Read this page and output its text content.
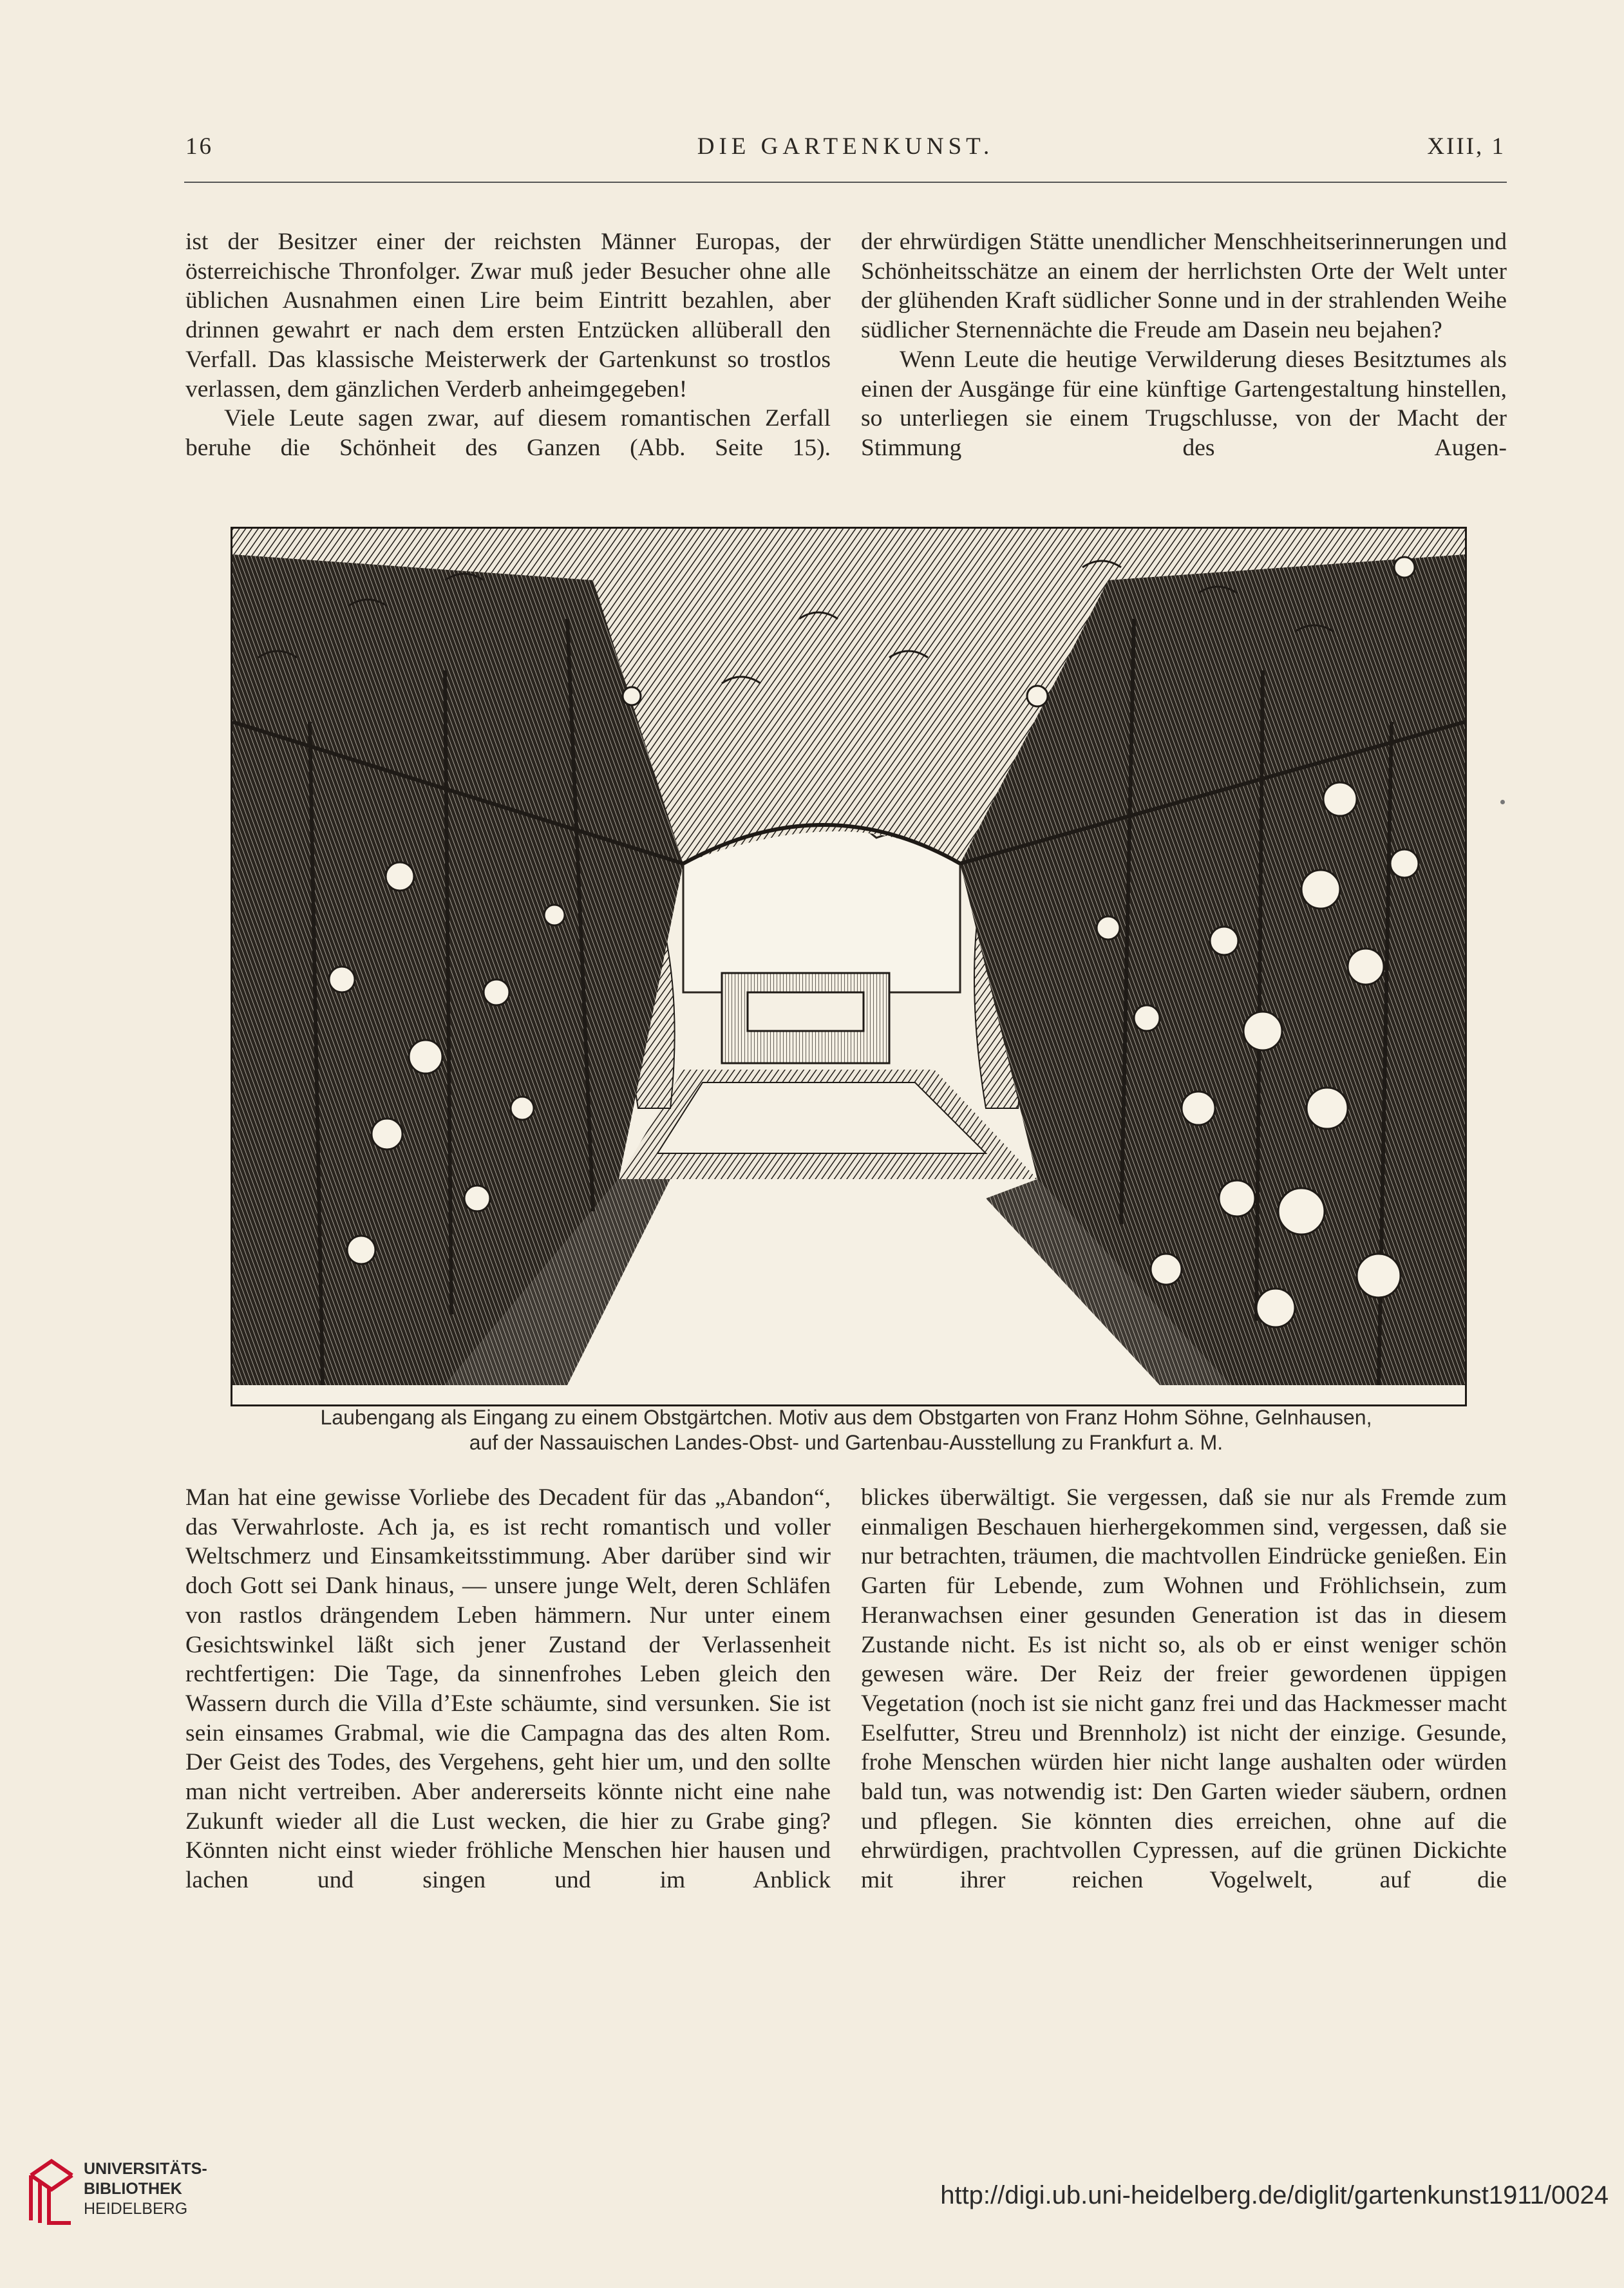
16	DIE GARTENKUNST.	XIII, 1

ist der Besitzer einer der reichsten Männer Europas, der österreichische Thronfolger. Zwar muß jeder Besucher ohne alle üblichen Ausnahmen einen Lire beim Eintritt bezahlen, aber drinnen gewahrt er nach dem ersten Entzücken allüberall den Verfall. Das klassische Meisterwerk der Gartenkunst so trostlos verlassen, dem gänzlichen Verderb anheimgegeben!

Viele Leute sagen zwar, auf diesem romantischen Zerfall beruhe die Schönheit des Ganzen (Abb. Seite 15).

der ehrwürdigen Stätte unendlicher Menschheitserinnerungen und Schönheitsschätze an einem der herrlichsten Orte der Welt unter der glühenden Kraft südlicher Sonne und in der strahlenden Weihe südlicher Sternennächte die Freude am Dasein neu bejahen?

Wenn Leute die heutige Verwilderung dieses Besitztumes als einen der Ausgänge für eine künftige Gartengestaltung hinstellen, so unterliegen sie einem Trugschlusse, von der Macht der Stimmung des Augen-

Laubengang als Eingang zu einem Obstgärtchen. Motiv aus dem Obstgarten von Franz Hohm Söhne, Gelnhausen,
auf der Nassauischen Landes-Obst- und Gartenbau-Ausstellung zu Frankfurt a. M.

Man hat eine gewisse Vorliebe des Decadent für das „Abandon“, das Verwahrloste. Ach ja, es ist recht romantisch und voller Weltschmerz und Einsamkeitsstimmung. Aber darüber sind wir doch Gott sei Dank hinaus, — unsere junge Welt, deren Schläfen von rastlos drängendem Leben hämmern. Nur unter einem Gesichtswinkel läßt sich jener Zustand der Verlassenheit rechtfertigen: Die Tage, da sinnenfrohes Leben gleich den Wassern durch die Villa d’Este schäumte, sind versunken. Sie ist sein einsames Grabmal, wie die Campagna das des alten Rom. Der Geist des Todes, des Vergehens, geht hier um, und den sollte man nicht vertreiben. Aber andererseits könnte nicht eine nahe Zukunft wieder all die Lust wecken, die hier zu Grabe ging? Könnten nicht einst wieder fröhliche Menschen hier hausen und lachen und singen und im Anblick

blickes überwältigt. Sie vergessen, daß sie nur als Fremde zum einmaligen Beschauen hierhergekommen sind, vergessen, daß sie nur betrachten, träumen, die machtvollen Eindrücke genießen. Ein Garten für Lebende, zum Wohnen und Fröhlichsein, zum Heranwachsen einer gesunden Generation ist das in diesem Zustande nicht. Es ist nicht so, als ob er einst weniger schön gewesen wäre. Der Reiz der freier gewordenen üppigen Vegetation (noch ist sie nicht ganz frei und das Hackmesser macht Eselfutter, Streu und Brennholz) ist nicht der einzige. Gesunde, frohe Menschen würden hier nicht lange aushalten oder würden bald tun, was notwendig ist: Den Garten wieder säubern, ordnen und pflegen. Sie könnten dies erreichen, ohne auf die ehrwürdigen, prachtvollen Cypressen, auf die grünen Dickichte mit ihrer reichen Vogelwelt, auf die

UNIVERSITÄTS-
BIBLIOTHEK
HEIDELBERG	http://digi.ub.uni-heidelberg.de/diglit/gartenkunst1911/0024
